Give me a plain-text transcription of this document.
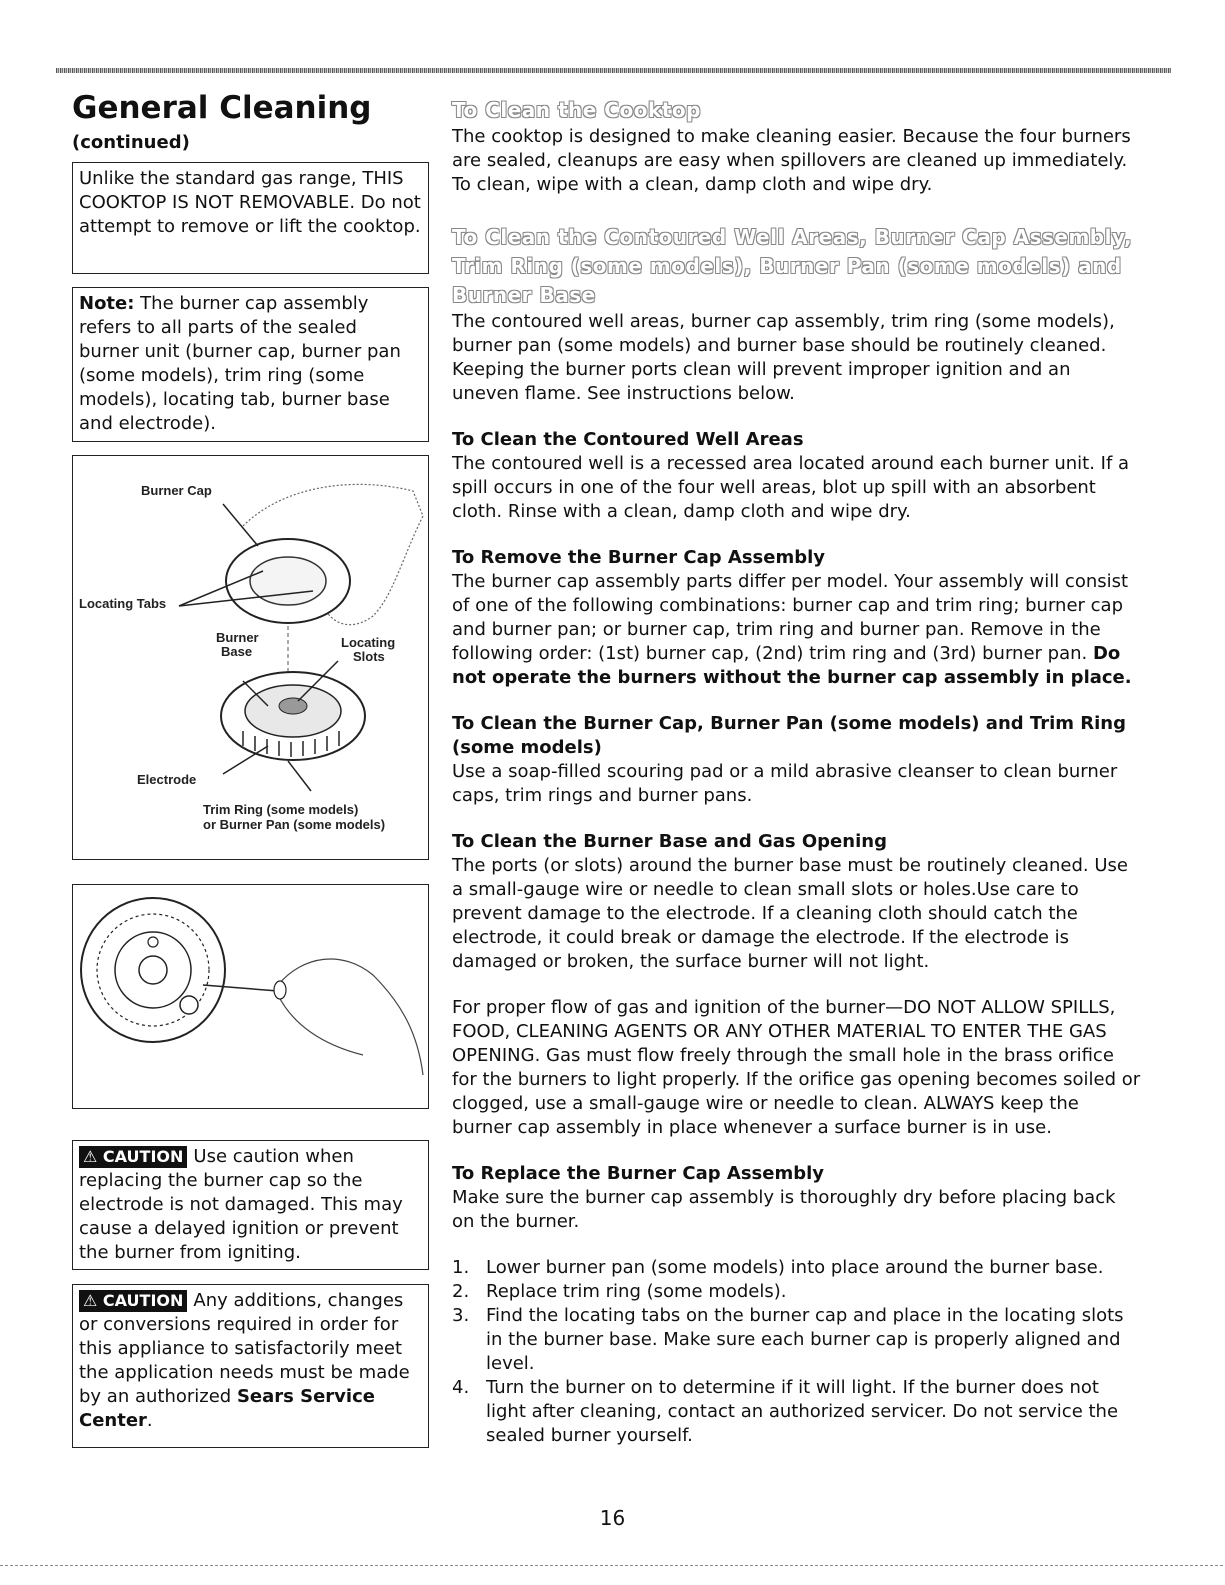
General Cleaning
(continued)
Unlike the standard gas range, THIS COOKTOP IS NOT REMOVABLE. Do not attempt to remove or lift the cooktop.
Note: The burner cap assembly refers to all parts of the sealed burner unit (burner cap, burner pan (some models), trim ring (some models), locating tab, burner base and electrode).
Burner Cap
Locating Tabs
Burner
Base
Locating
Slots
Electrode
Trim Ring (some models)
or Burner Pan (some models)
⚠ CAUTION Use caution when replacing the burner cap so the electrode is not damaged. This may cause a delayed ignition or prevent the burner from igniting.
⚠ CAUTION Any additions, changes or conversions required in order for this appliance to satisfactorily meet the application needs must be made by an authorized Sears Service Center.
To Clean the Cooktop

The cooktop is designed to make cleaning easier. Because the four burners are sealed, cleanups are easy when spillovers are cleaned up immediately. To clean, wipe with a clean, damp cloth and wipe dry.

To Clean the Contoured Well Areas, Burner Cap Assembly, Trim Ring (some models), Burner Pan (some models) and Burner Base

The contoured well areas, burner cap assembly, trim ring (some models), burner pan (some models) and burner base should be routinely cleaned. Keeping the burner ports clean will prevent improper ignition and an uneven flame. See instructions below.

To Clean the Contoured Well Areas

The contoured well is a recessed area located around each burner unit. If a spill occurs in one of the four well areas, blot up spill with an absorbent cloth. Rinse with a clean, damp cloth and wipe dry.

To Remove the Burner Cap Assembly

The burner cap assembly parts differ per model. Your assembly will consist of one of the following combinations: burner cap and trim ring; burner cap and burner pan; or burner cap, trim ring and burner pan. Remove in the following order: (1st) burner cap, (2nd) trim ring and (3rd) burner pan. Do not operate the burners without the burner cap assembly in place.

To Clean the Burner Cap, Burner Pan (some models) and Trim Ring (some models)

Use a soap-filled scouring pad or a mild abrasive cleanser to clean burner caps, trim rings and burner pans.

To Clean the Burner Base and Gas Opening

The ports (or slots) around the burner base must be routinely cleaned. Use a small-gauge wire or needle to clean small slots or holes.Use care to prevent damage to the electrode. If a cleaning cloth should catch the electrode, it could break or damage the electrode. If the electrode is damaged or broken, the surface burner will not light.

For proper flow of gas and ignition of the burner—DO NOT ALLOW SPILLS, FOOD, CLEANING AGENTS OR ANY OTHER MATERIAL TO ENTER THE GAS OPENING. Gas must flow freely through the small hole in the brass orifice for the burners to light properly. If the orifice gas opening becomes soiled or clogged, use a small-gauge wire or needle to clean. ALWAYS keep the burner cap assembly in place whenever a surface burner is in use.

To Replace the Burner Cap Assembly

Make sure the burner cap assembly is thoroughly dry before placing back on the burner.

1. Lower burner pan (some models) into place around the burner base.
2. Replace trim ring (some models).
3. Find the locating tabs on the burner cap and place in the locating slots in the burner base. Make sure each burner cap is properly aligned and level.
4. Turn the burner on to determine if it will light. If the burner does not light after cleaning, contact an authorized servicer. Do not service the sealed burner yourself.
16
